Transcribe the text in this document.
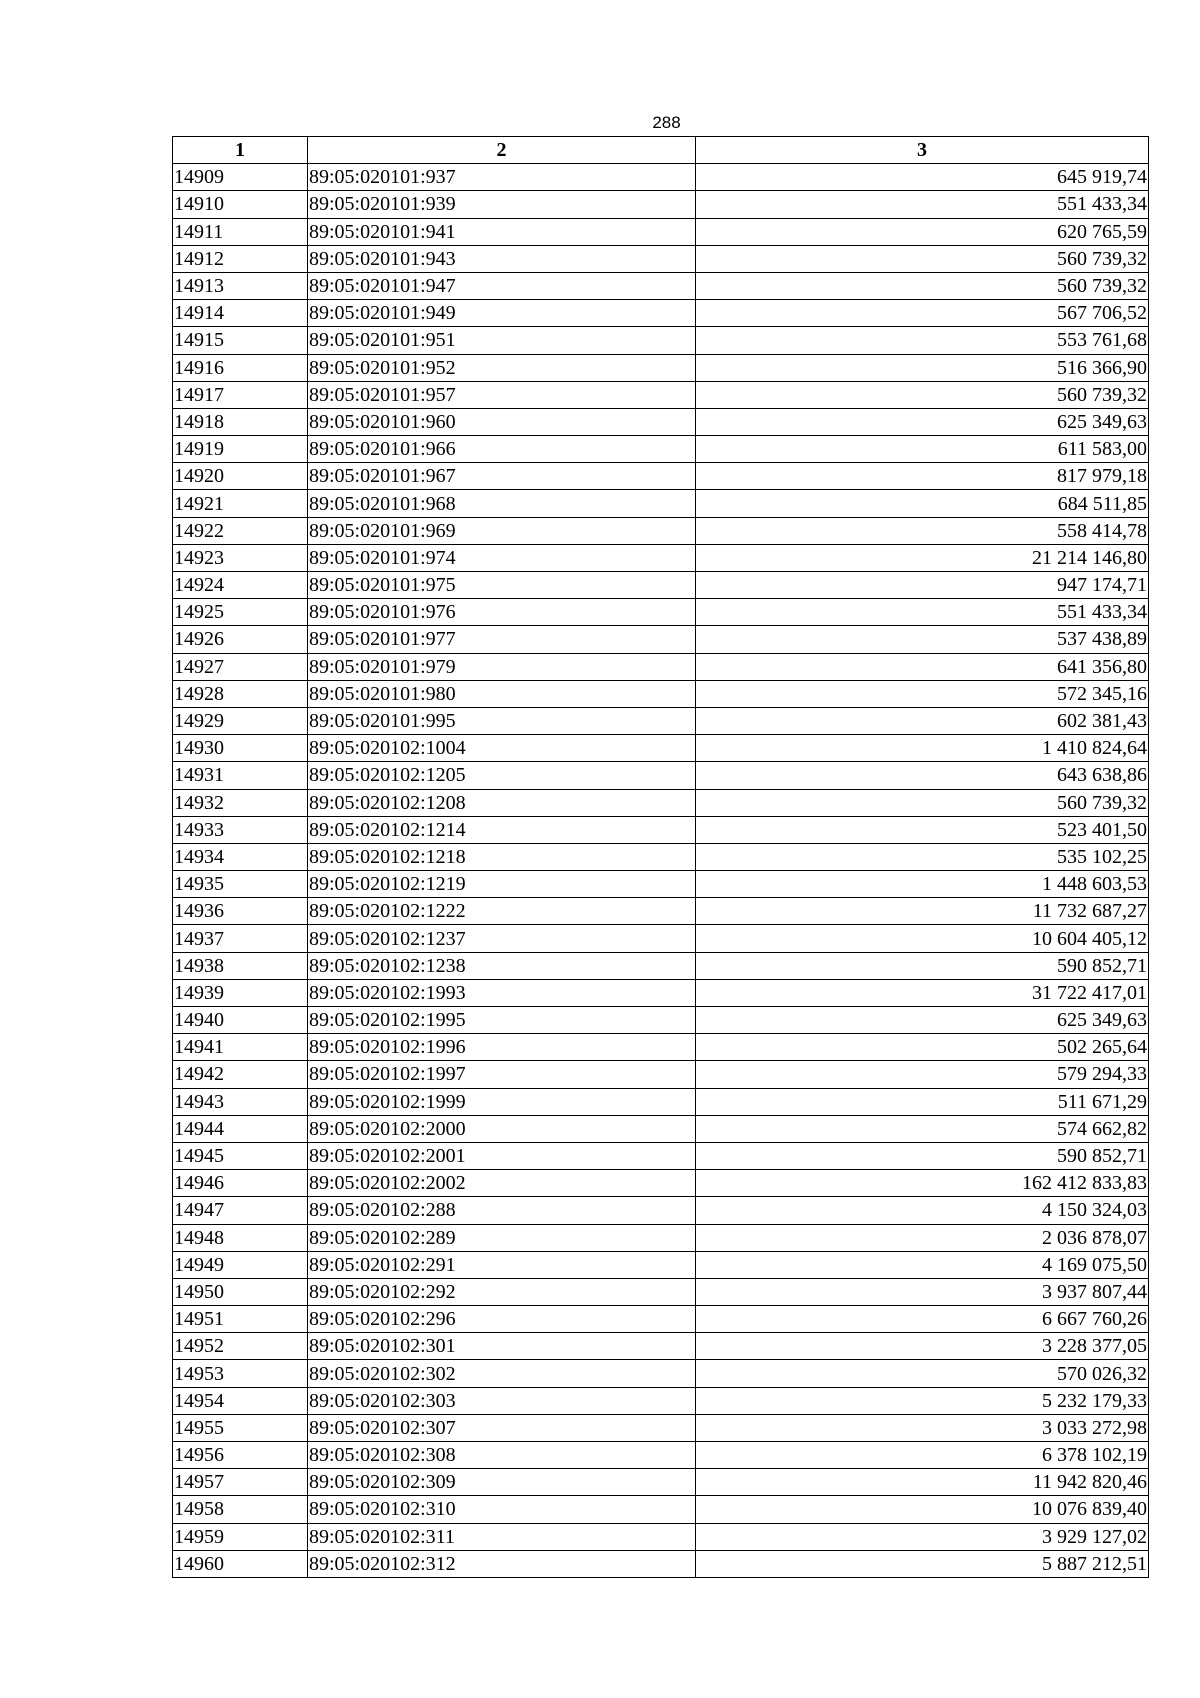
288
1	2	3
14909	89:05:020101:937	645 919,74
14910	89:05:020101:939	551 433,34
14911	89:05:020101:941	620 765,59
14912	89:05:020101:943	560 739,32
14913	89:05:020101:947	560 739,32
14914	89:05:020101:949	567 706,52
14915	89:05:020101:951	553 761,68
14916	89:05:020101:952	516 366,90
14917	89:05:020101:957	560 739,32
14918	89:05:020101:960	625 349,63
14919	89:05:020101:966	611 583,00
14920	89:05:020101:967	817 979,18
14921	89:05:020101:968	684 511,85
14922	89:05:020101:969	558 414,78
14923	89:05:020101:974	21 214 146,80
14924	89:05:020101:975	947 174,71
14925	89:05:020101:976	551 433,34
14926	89:05:020101:977	537 438,89
14927	89:05:020101:979	641 356,80
14928	89:05:020101:980	572 345,16
14929	89:05:020101:995	602 381,43
14930	89:05:020102:1004	1 410 824,64
14931	89:05:020102:1205	643 638,86
14932	89:05:020102:1208	560 739,32
14933	89:05:020102:1214	523 401,50
14934	89:05:020102:1218	535 102,25
14935	89:05:020102:1219	1 448 603,53
14936	89:05:020102:1222	11 732 687,27
14937	89:05:020102:1237	10 604 405,12
14938	89:05:020102:1238	590 852,71
14939	89:05:020102:1993	31 722 417,01
14940	89:05:020102:1995	625 349,63
14941	89:05:020102:1996	502 265,64
14942	89:05:020102:1997	579 294,33
14943	89:05:020102:1999	511 671,29
14944	89:05:020102:2000	574 662,82
14945	89:05:020102:2001	590 852,71
14946	89:05:020102:2002	162 412 833,83
14947	89:05:020102:288	4 150 324,03
14948	89:05:020102:289	2 036 878,07
14949	89:05:020102:291	4 169 075,50
14950	89:05:020102:292	3 937 807,44
14951	89:05:020102:296	6 667 760,26
14952	89:05:020102:301	3 228 377,05
14953	89:05:020102:302	570 026,32
14954	89:05:020102:303	5 232 179,33
14955	89:05:020102:307	3 033 272,98
14956	89:05:020102:308	6 378 102,19
14957	89:05:020102:309	11 942 820,46
14958	89:05:020102:310	10 076 839,40
14959	89:05:020102:311	3 929 127,02
14960	89:05:020102:312	5 887 212,51
